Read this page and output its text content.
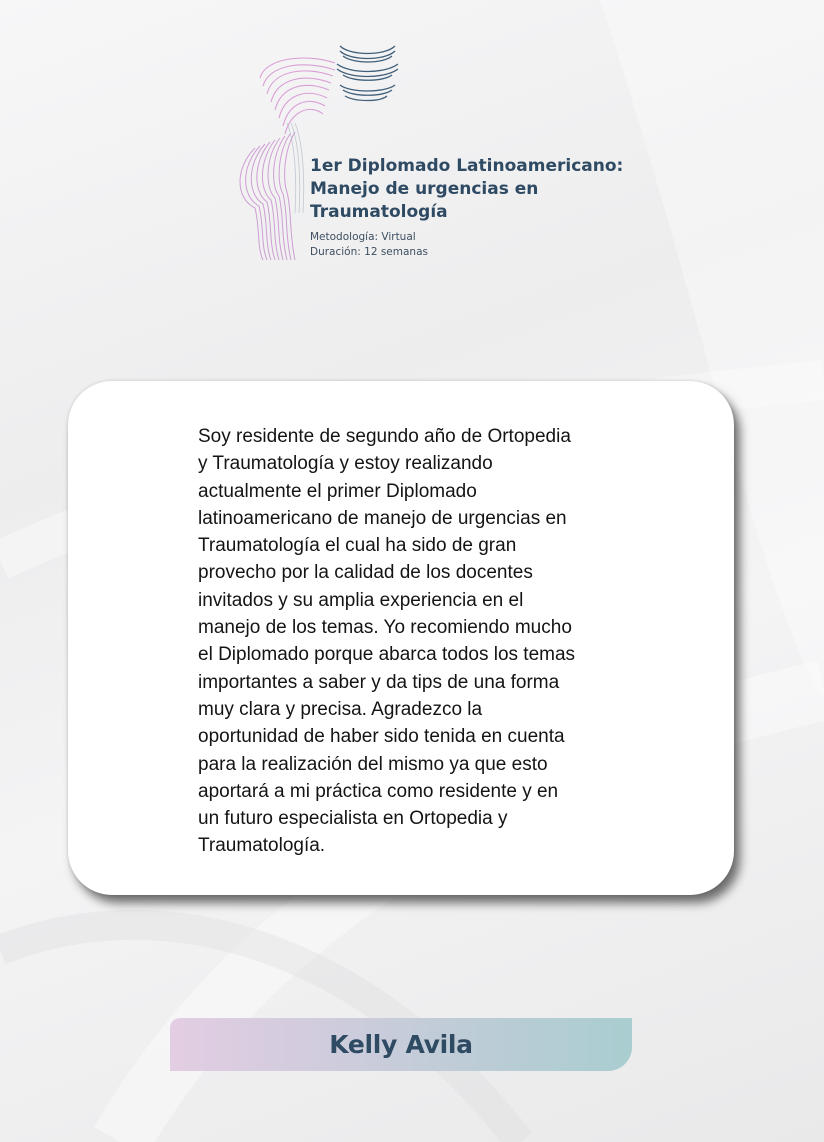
1er Diplomado Latinoamericano:
Manejo de urgencias en
Traumatología

Metodología: Virtual
Duración: 12 semanas

Soy residente de segundo año de Ortopedia
y Traumatología y estoy realizando
actualmente el primer Diplomado
latinoamericano de manejo de urgencias en
Traumatología el cual ha sido de gran
provecho por la calidad de los docentes
invitados y su amplia experiencia en el
manejo de los temas. Yo recomiendo mucho
el Diplomado porque abarca todos los temas
importantes a saber y da tips de una forma
muy clara y precisa. Agradezco la
oportunidad de haber sido tenida en cuenta
para la realización del mismo ya que esto
aportará a mi práctica como residente y en
un futuro especialista en Ortopedia y
Traumatología.

Kelly Avila
